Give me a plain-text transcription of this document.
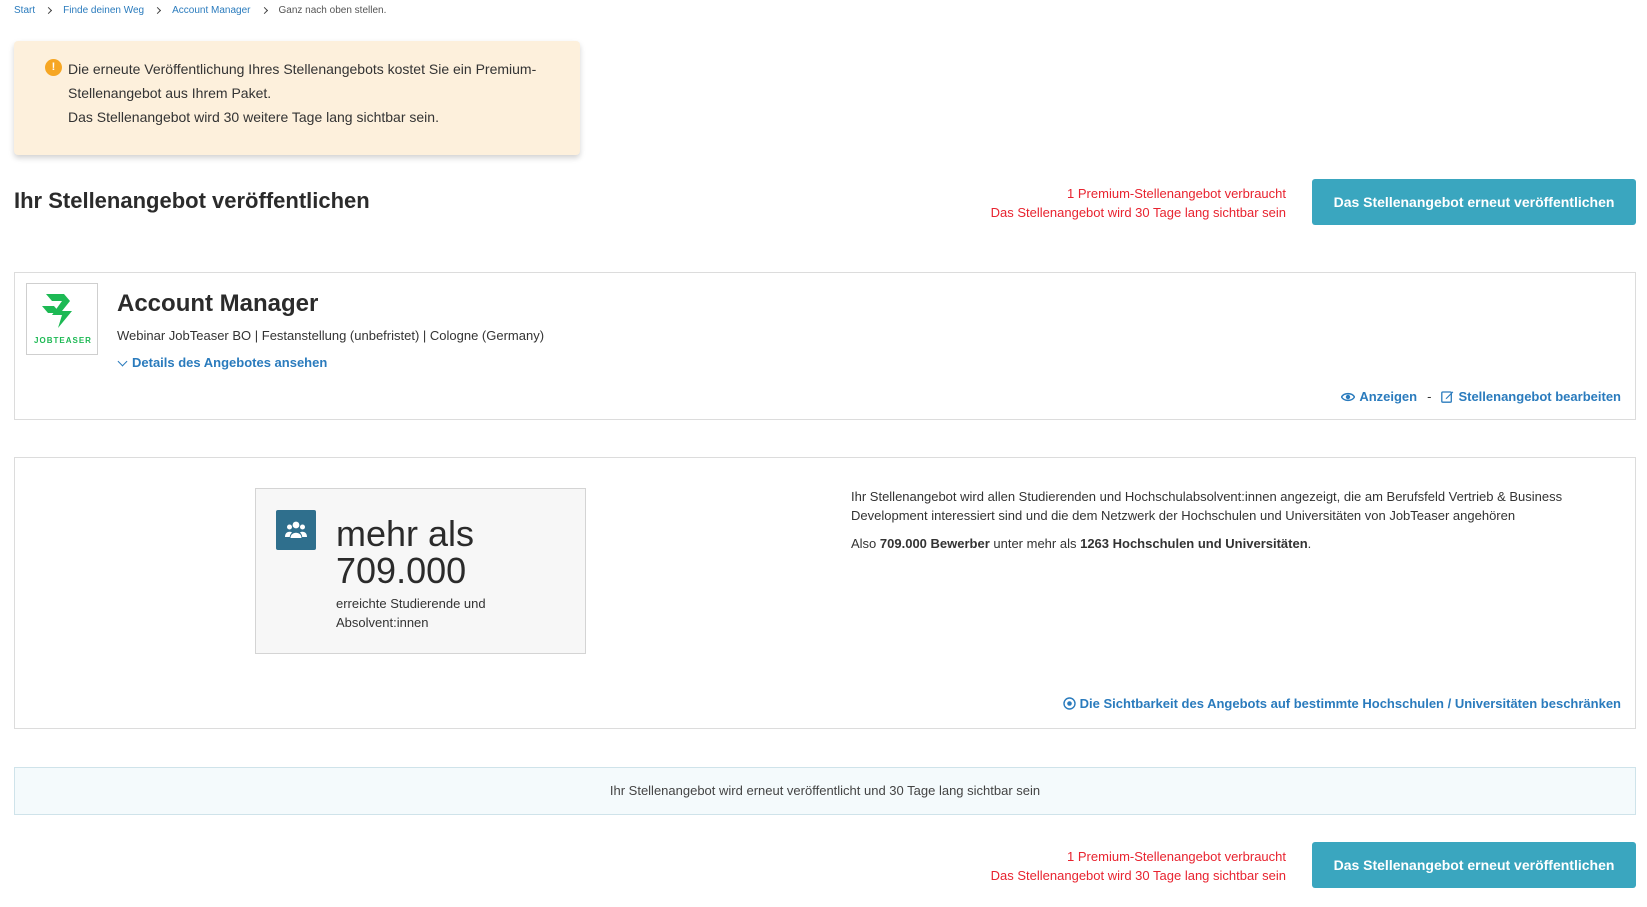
Start	Finde deinen Weg	Account Manager	Ganz nach oben stellen.
! Die erneute Veröffentlichung Ihres Stellenangebots kostet Sie ein Premium-
Stellenangebot aus Ihrem Paket.
Das Stellenangebot wird 30 weitere Tage lang sichtbar sein.
Ihr Stellenangebot veröffentlichen	1 Premium-Stellenangebot verbraucht
Das Stellenangebot wird 30 Tage lang sichtbar sein
Das Stellenangebot erneut veröffentlichen
JOBTEASER
Account Manager
Webinar JobTeaser BO | Festanstellung (unbefristet) | Cologne (Germany)
Details des Angebotes ansehen
Anzeigen - Stellenangebot bearbeiten
mehr als
709.000
erreichte Studierende und Absolvent:innen

Ihr Stellenangebot wird allen Studierenden und Hochschulabsolvent:innen angezeigt, die am Berufsfeld Vertrieb & Business Development interessiert sind und die dem Netzwerk der Hochschulen und Universitäten von JobTeaser angehören

Also 709.000 Bewerber unter mehr als 1263 Hochschulen und Universitäten.

Die Sichtbarkeit des Angebots auf bestimmte Hochschulen / Universitäten beschränken
Ihr Stellenangebot wird erneut veröffentlicht und 30 Tage lang sichtbar sein
1 Premium-Stellenangebot verbraucht
Das Stellenangebot wird 30 Tage lang sichtbar sein
Das Stellenangebot erneut veröffentlichen
